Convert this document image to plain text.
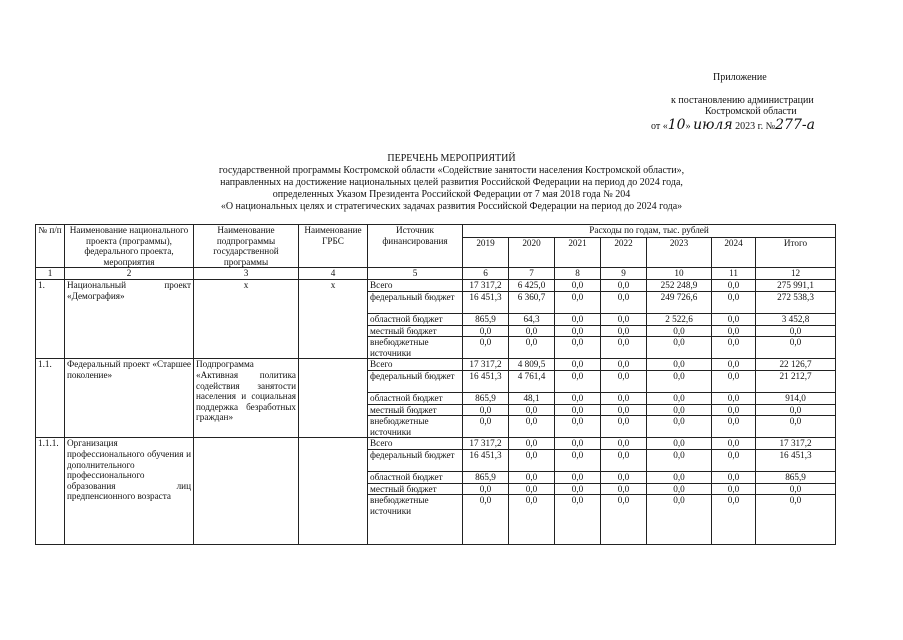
Приложение
к постановлению администрации
Костромской области
от «10» июля 2023 г. №277-а
ПЕРЕЧЕНЬ МЕРОПРИЯТИЙ
государственной программы Костромской области «Содействие занятости населения Костромской области»,
направленных на достижение национальных целей развития Российской Федерации на период до 2024 года,
определенных Указом Президента Российской Федерации от 7 мая 2018 года № 204
«О национальных целях и стратегических задачах развития Российской Федерации на период до 2024 года»
№ п/п	Наименование национального проекта (программы), федерального проекта, мероприятия	Наименование подпрограммы государственной программы	Наименование ГРБС	Источник финансирования	Расходы по годам, тыс. рублей						
					2019	2020	2021	2022	2023	2024	Итого
1	2	3	4	5	6	7	8	9	10	11	12
1.	Национальный проект «Демография»	х	х	Всего	17 317,2	6 425,0	0,0	0,0	252 248,9	0,0	275 991,1
				федеральный бюджет	16 451,3	6 360,7	0,0	0,0	249 726,6	0,0	272 538,3
				областной бюджет	865,9	64,3	0,0	0,0	2 522,6	0,0	3 452,8
				местный бюджет	0,0	0,0	0,0	0,0	0,0	0,0	0,0
				внебюджетные источники	0,0	0,0	0,0	0,0	0,0	0,0	0,0
1.1.	Федеральный проект «Старшее поколение»	Подпрограмма «Активная политика содействия занятости населения и социальная поддержка безработных граждан»		Всего	17 317,2	4 809,5	0,0	0,0	0,0	0,0	22 126,7
				федеральный бюджет	16 451,3	4 761,4	0,0	0,0	0,0	0,0	21 212,7
				областной бюджет	865,9	48,1	0,0	0,0	0,0	0,0	914,0
				местный бюджет	0,0	0,0	0,0	0,0	0,0	0,0	0,0
				внебюджетные источники	0,0	0,0	0,0	0,0	0,0	0,0	0,0
1.1.1.	Организация профессионального обучения и дополнительного профессионального образования лиц предпенсионного возраста			Всего	17 317,2	0,0	0,0	0,0	0,0	0,0	17 317,2
				федеральный бюджет	16 451,3	0,0	0,0	0,0	0,0	0,0	16 451,3
				областной бюджет	865,9	0,0	0,0	0,0	0,0	0,0	865,9
				местный бюджет	0,0	0,0	0,0	0,0	0,0	0,0	0,0
				внебюджетные источники	0,0	0,0	0,0	0,0	0,0	0,0	0,0
